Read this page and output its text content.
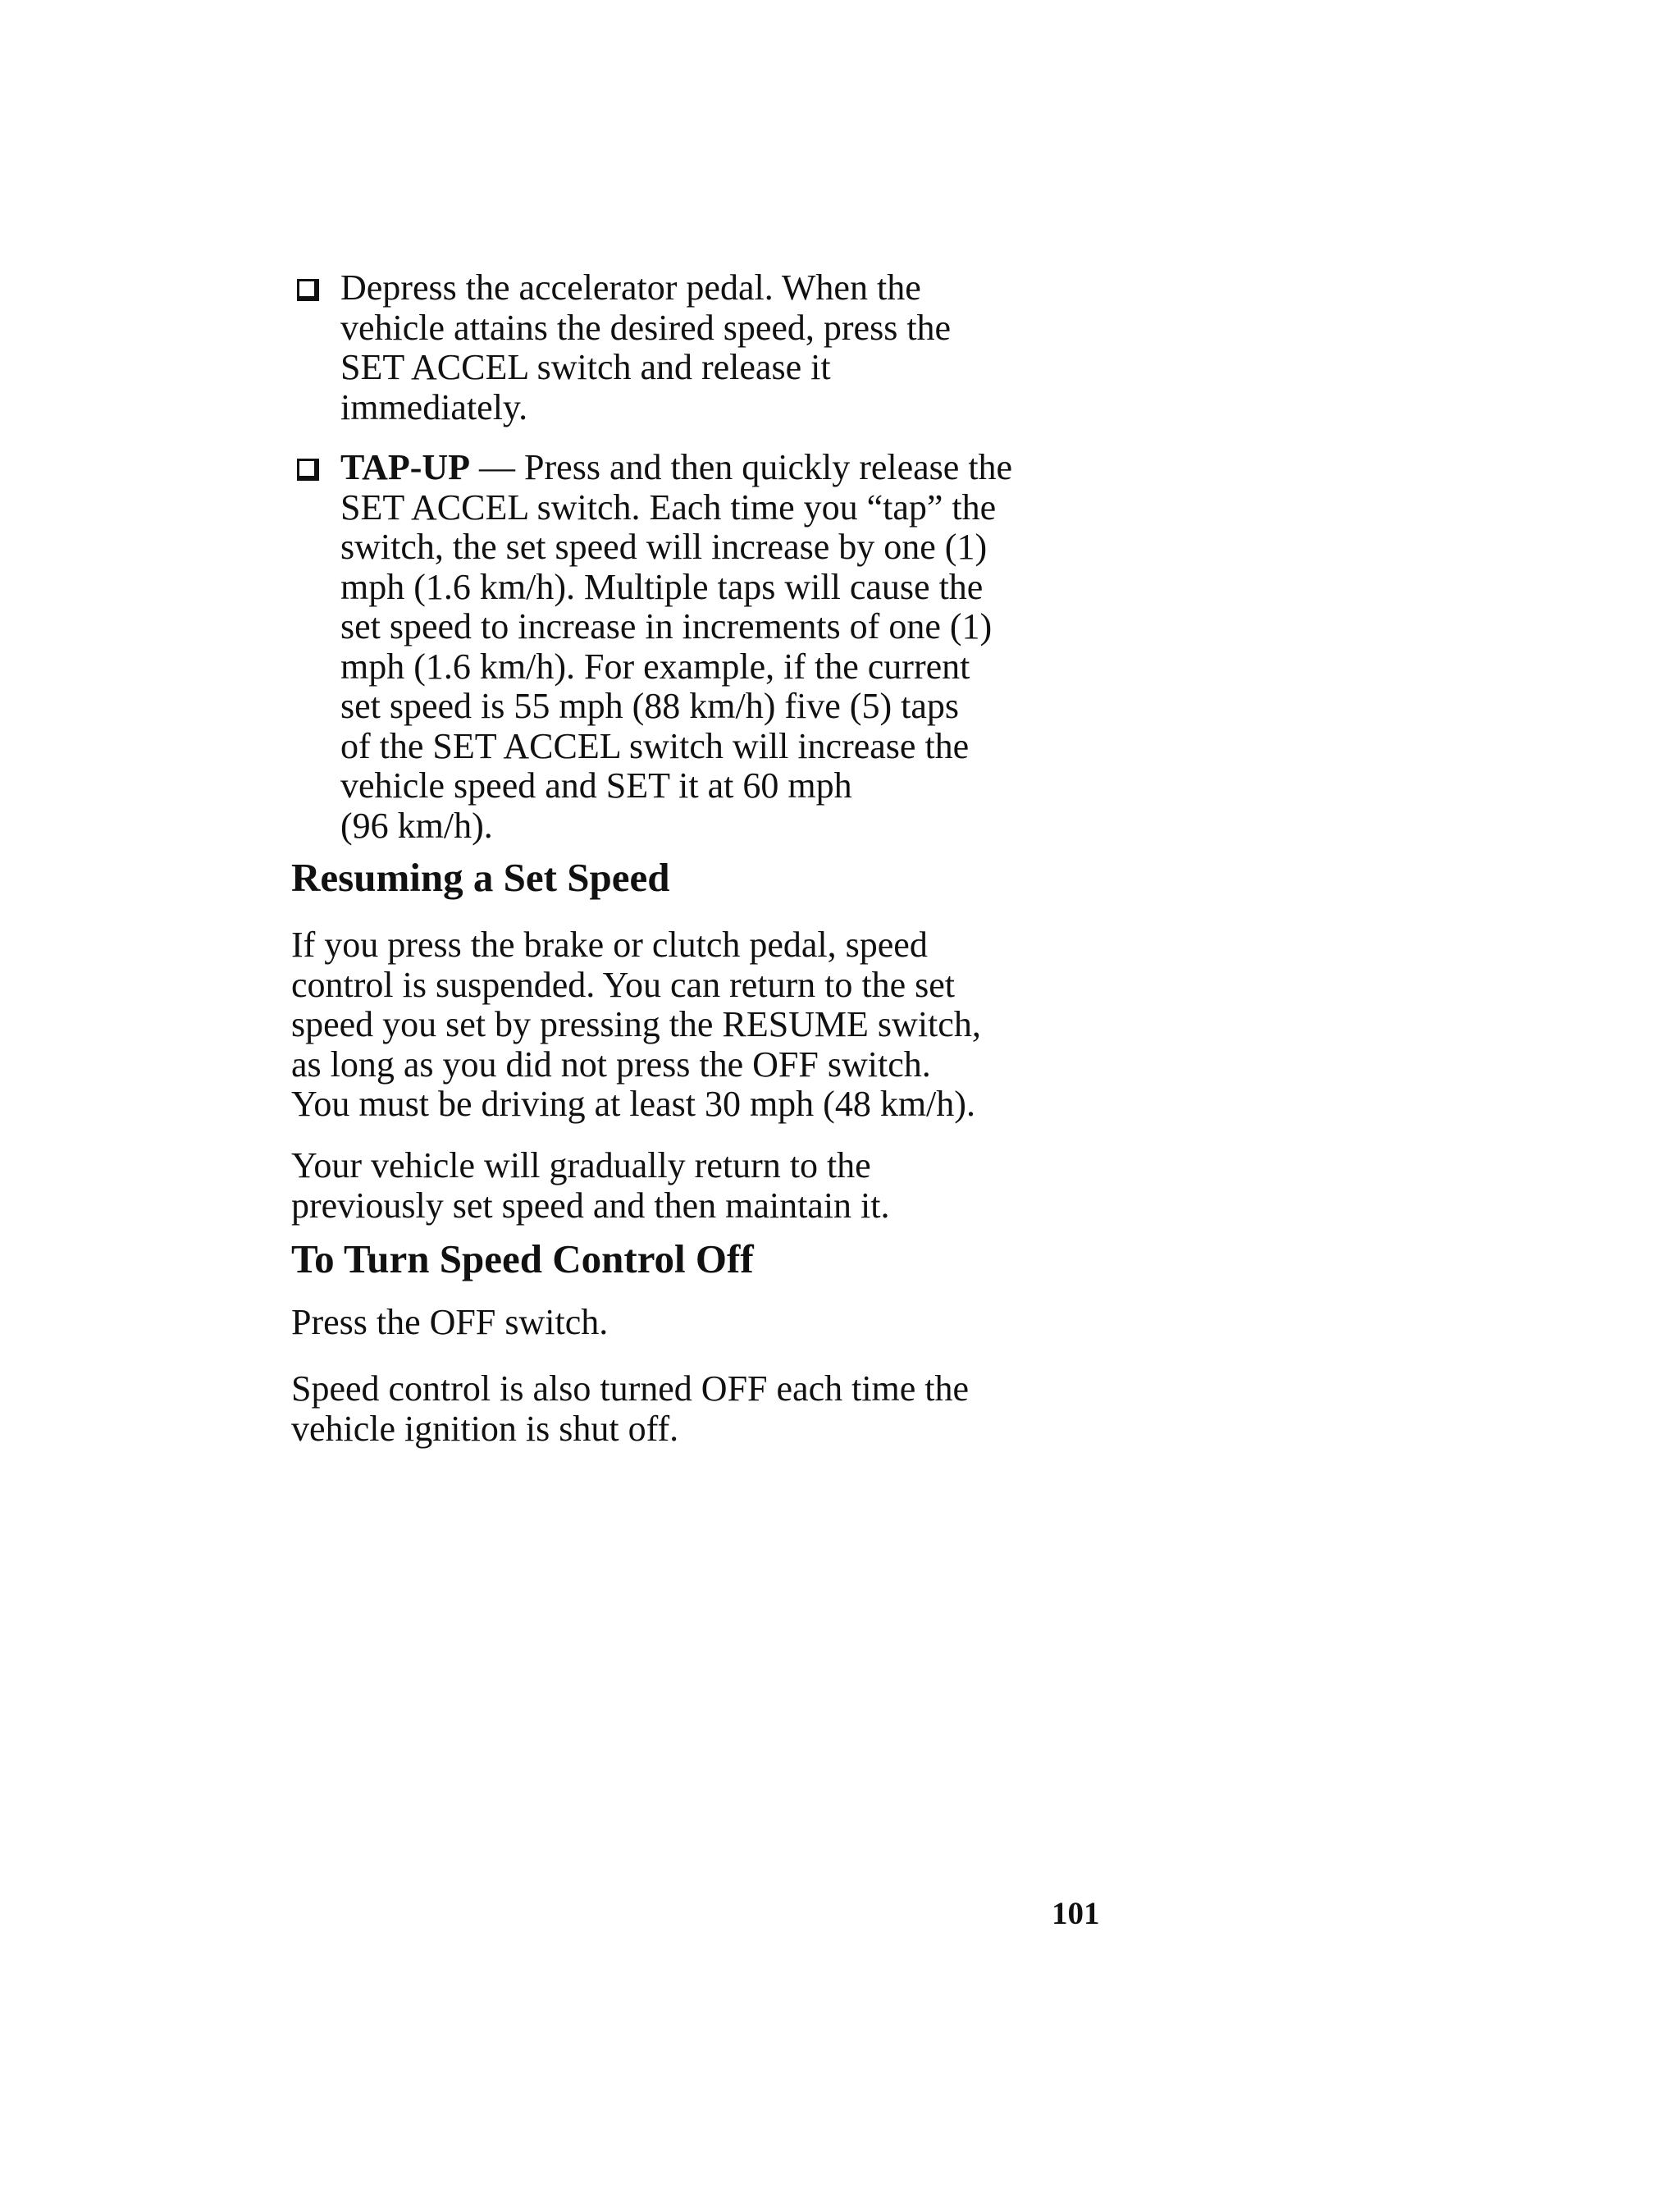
Depress the accelerator pedal. When the
vehicle attains the desired speed, press the
SET ACCEL switch and release it
immediately.
TAP-UP — Press and then quickly release the
SET ACCEL switch. Each time you “tap” the
switch, the set speed will increase by one (1)
mph (1.6 km/h). Multiple taps will cause the
set speed to increase in increments of one (1)
mph (1.6 km/h). For example, if the current
set speed is 55 mph (88 km/h) five (5) taps
of the SET ACCEL switch will increase the
vehicle speed and SET it at 60 mph
(96 km/h).
Resuming a Set Speed
If you press the brake or clutch pedal, speed
control is suspended. You can return to the set
speed you set by pressing the RESUME switch,
as long as you did not press the OFF switch.
You must be driving at least 30 mph (48 km/h).
Your vehicle will gradually return to the
previously set speed and then maintain it.
To Turn Speed Control Off
Press the OFF switch.
Speed control is also turned OFF each time the
vehicle ignition is shut off.
101
